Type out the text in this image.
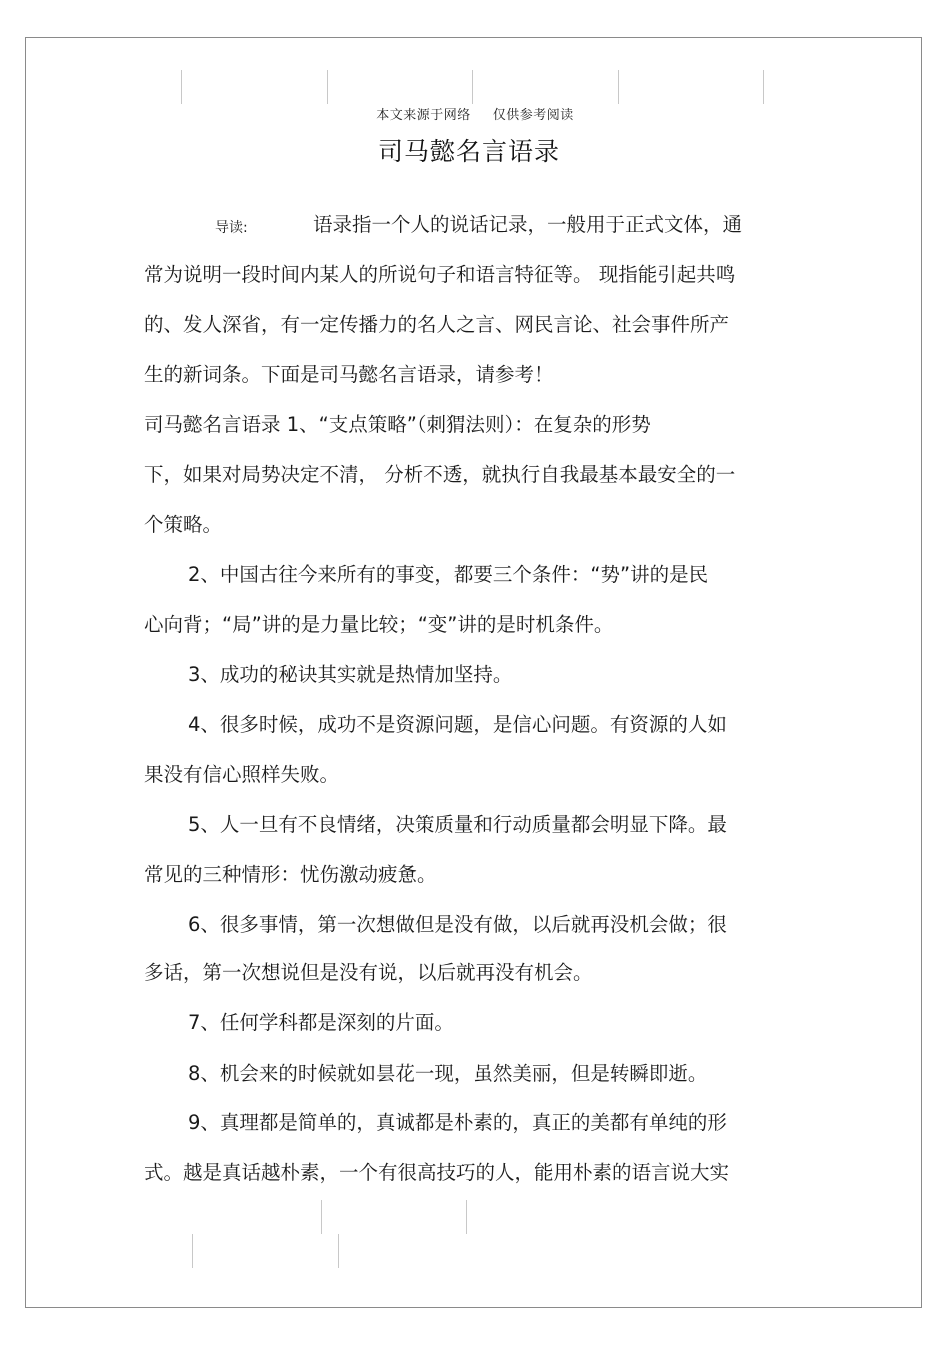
本文来源于网络 仅供参考阅读
司马懿名言语录
导读:	语录指一个人的说话记录，一般用于正式文体，通
常为说明一段时间内某人的所说句子和语言特征等。 现指能引起共鸣
的、发人深省，有一定传播力的名人之言、网民言论、社会事件所产
生的新词条。下面是司马懿名言语录，请参考！
司马懿名言语录 1、“支点策略”（刺猬法则）：在复杂的形势
下，如果对局势决定不清， 分析不透，就执行自我最基本最安全的一
个策略。
2、中国古往今来所有的事变，都要三个条件：“势”讲的是民
心向背；“局”讲的是力量比较；“变”讲的是时机条件。
3、成功的秘诀其实就是热情加坚持。
4、很多时候，成功不是资源问题，是信心问题。有资源的人如
果没有信心照样失败。
5、人一旦有不良情绪，决策质量和行动质量都会明显下降。最
常见的三种情形：忧伤激动疲惫。
6、很多事情，第一次想做但是没有做，以后就再没机会做；很
多话，第一次想说但是没有说，以后就再没有机会。
7、任何学科都是深刻的片面。
8、机会来的时候就如昙花一现，虽然美丽，但是转瞬即逝。
9、真理都是简单的，真诚都是朴素的，真正的美都有单纯的形
式。越是真话越朴素，一个有很高技巧的人，能用朴素的语言说大实
